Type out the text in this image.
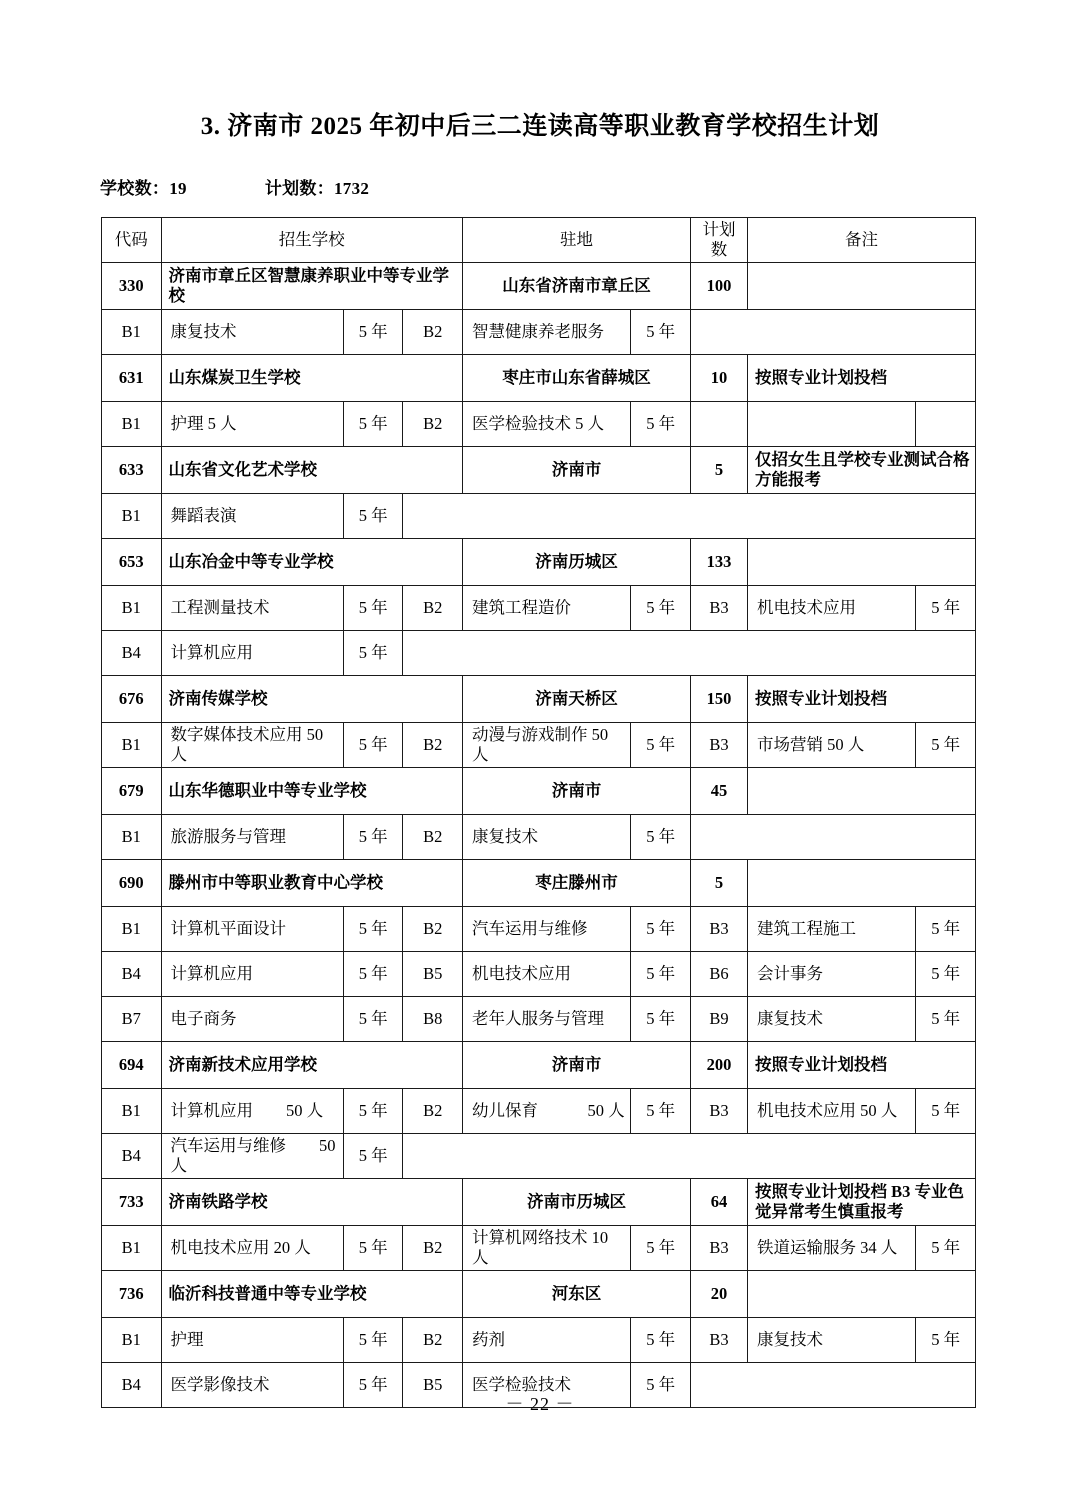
3. 济南市 2025 年初中后三二连读高等职业教育学校招生计划

学校数：19	计划数：1732

代码	招生学校			驻地		计划数	备注	
330	济南市章丘区智慧康养职业中等专业学校			山东省济南市章丘区		100		
B1	康复技术	5 年	B2	智慧健康养老服务	5 年			
631	山东煤炭卫生学校			枣庄市山东省薛城区		10	按照专业计划投档	
B1	护理 5 人	5 年	B2	医学检验技术 5 人	5 年			
633	山东省文化艺术学校			济南市		5	仅招女生且学校专业测试合格方能报考	
B1	舞蹈表演	5 年						
653	山东冶金中等专业学校			济南历城区		133		
B1	工程测量技术	5 年	B2	建筑工程造价	5 年	B3	机电技术应用	5 年
B4	计算机应用	5 年						
676	济南传媒学校			济南天桥区		150	按照专业计划投档	
B1	数字媒体技术应用 50 人	5 年	B2	动漫与游戏制作 50 人	5 年	B3	市场营销 50 人	5 年
679	山东华德职业中等专业学校			济南市		45		
B1	旅游服务与管理	5 年	B2	康复技术	5 年			
690	滕州市中等职业教育中心学校			枣庄滕州市		5		
B1	计算机平面设计	5 年	B2	汽车运用与维修	5 年	B3	建筑工程施工	5 年
B4	计算机应用	5 年	B5	机电技术应用	5 年	B6	会计事务	5 年
B7	电子商务	5 年	B8	老年人服务与管理	5 年	B9	康复技术	5 年
694	济南新技术应用学校			济南市		200	按照专业计划投档	
B1	计算机应用　　50 人	5 年	B2	幼儿保育　　　50 人	5 年	B3	机电技术应用 50 人	5 年
B4	汽车运用与维修　　50 人	5 年						
733	济南铁路学校			济南市历城区		64	按照专业计划投档 B3 专业色觉异常考生慎重报考	
B1	机电技术应用 20 人	5 年	B2	计算机网络技术 10 人	5 年	B3	铁道运输服务 34 人	5 年
736	临沂科技普通中等专业学校			河东区		20		
B1	护理	5 年	B2	药剂	5 年	B3	康复技术	5 年
B4	医学影像技术	5 年	B5	医学检验技术	5 年			
－ 22 －
